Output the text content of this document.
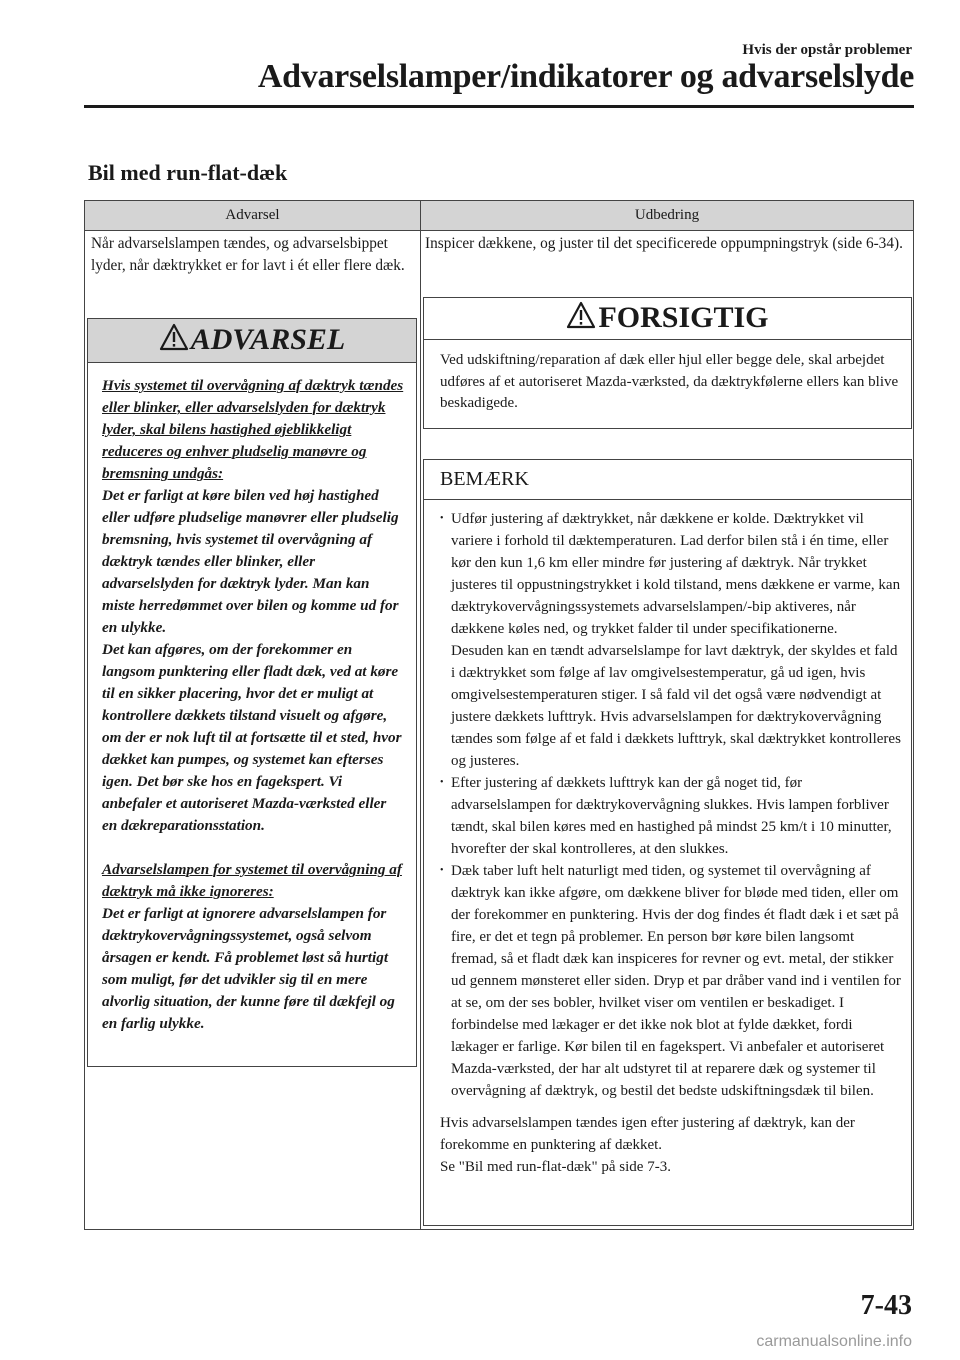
Hvis der opstår problemer
Advarselslamper/indikatorer og advarselslyde
Bil med run-flat-dæk
Advarsel	Udbedring
Når advarselslampen tændes, og advarselsbippet lyder, når dæktrykket er for lavt i ét eller flere dæk.
Inspicer dækkene, og juster til det specificerede oppumpningstryk (side 6-34).
ADVARSEL

Hvis systemet til overvågning af dæktryk tændes eller blinker, eller advarselslyden for dæktryk lyder, skal bilens hastighed øjeblikkeligt reduceres og enhver pludselig manøvre og bremsning undgås:

Det er farligt at køre bilen ved høj hastighed eller udføre pludselige manøvrer eller pludselig bremsning, hvis systemet til overvågning af dæktryk tændes eller blinker, eller advarselslyden for dæktryk lyder. Man kan miste herredømmet over bilen og komme ud for en ulykke.

Det kan afgøres, om der forekommer en langsom punktering eller fladt dæk, ved at køre til en sikker placering, hvor det er muligt at kontrollere dækkets tilstand visuelt og afgøre, om der er nok luft til at fortsætte til et sted, hvor dækket kan pumpes, og systemet kan efterses igen. Det bør ske hos en fagekspert. Vi anbefaler et autoriseret Mazda-værksted eller en dækreparationsstation.

Advarselslampen for systemet til overvågning af dæktryk må ikke ignoreres:

Det er farligt at ignorere advarselslampen for dæktrykovervågningssystemet, også selvom årsagen er kendt. Få problemet løst så hurtigt som muligt, før det udvikler sig til en mere alvorlig situation, der kunne føre til dækfejl og en farlig ulykke.

FORSIGTIG
Ved udskiftning/reparation af dæk eller hjul eller begge dele, skal arbejdet udføres af et autoriseret Mazda-værksted, da dæktrykfølerne ellers kan blive beskadigede.
BEMÆRK
• Udfør justering af dæktrykket, når dækkene er kolde. Dæktrykket vil variere i forhold til dæktemperaturen. Lad derfor bilen stå i én time, eller kør den kun 1,6 km eller mindre før justering af dæktryk. Når trykket justeres til oppustningstrykket i kold tilstand, mens dækkene er varme, kan dæktrykovervågningssystemets advarselslampen/-bip aktiveres, når dækkene køles ned, og trykket falder til under specifikationerne.

Desuden kan en tændt advarselslampe for lavt dæktryk, der skyldes et fald i dæktrykket som følge af lav omgivelsestemperatur, gå ud igen, hvis omgivelsestemperaturen stiger. I så fald vil det også være nødvendigt at justere dækkets lufttryk. Hvis advarselslampen for dæktrykovervågning tændes som følge af et fald i dækkets lufttryk, skal dæktrykket kontrolleres og justeres.

• Efter justering af dækkets lufttryk kan der gå noget tid, før advarselslampen for dæktrykovervågning slukkes. Hvis lampen forbliver tændt, skal bilen køres med en hastighed på mindst 25 km/t i 10 minutter, hvorefter der skal kontrolleres, at den slukkes.

• Dæk taber luft helt naturligt med tiden, og systemet til overvågning af dæktryk kan ikke afgøre, om dækkene bliver for bløde med tiden, eller om der forekommer en punktering. Hvis der dog findes ét fladt dæk i et sæt på fire, er det et tegn på problemer. En person bør køre bilen langsomt fremad, så et fladt dæk kan inspiceres for revner og evt. metal, der stikker ud gennem mønsteret eller siden. Dryp et par dråber vand ind i ventilen for at se, om der ses bobler, hvilket viser om ventilen er beskadiget. I forbindelse med lækager er det ikke nok blot at fylde dækket, fordi lækager er farlige. Kør bilen til en fagekspert. Vi anbefaler et autoriseret Mazda-værksted, der har alt udstyret til at reparere dæk og systemer til overvågning af dæktryk, og bestil det bedste udskiftningsdæk til bilen.

Hvis advarselslampen tændes igen efter justering af dæktryk, kan der forekomme en punktering af dækket.

Se "Bil med run-flat-dæk" på side 7-3.

7-43
carmanualsonline.info
